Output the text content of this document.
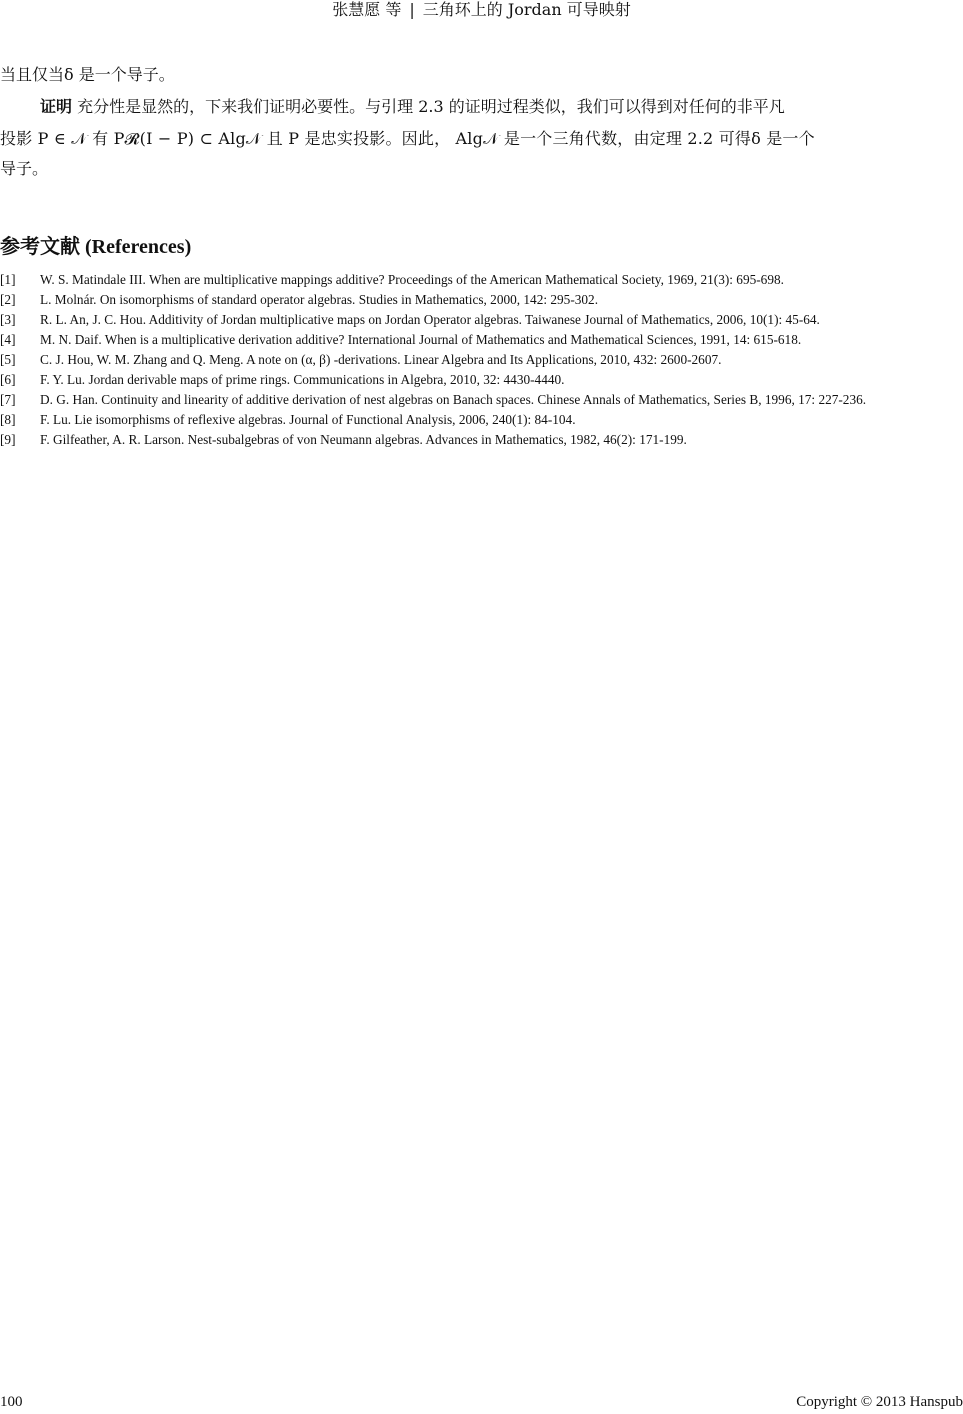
张慧愿 等 | 三角环上的 Jordan 可导映射
当且仅当δ 是一个导子。
证明 充分性是显然的，下来我们证明必要性。与引理 2.3 的证明过程类似，我们可以得到对任何的非平凡
投影 P ∈ 𝒩 有 P𝓡(I − P) ⊂ Alg𝒩 且 P 是忠实投影。因此， Alg𝒩 是一个三角代数，由定理 2.2 可得δ 是一个
导子。
参考文献 (References)
[1]	W. S. Matindale III. When are multiplicative mappings additive? Proceedings of the American Mathematical Society, 1969, 21(3): 695-698.
[2]	L. Molnár. On isomorphisms of standard operator algebras. Studies in Mathematics, 2000, 142: 295-302.
[3]	R. L. An, J. C. Hou. Additivity of Jordan multiplicative maps on Jordan Operator algebras. Taiwanese Journal of Mathematics, 2006, 10(1): 45-64.
[4]	M. N. Daif. When is a multiplicative derivation additive? International Journal of Mathematics and Mathematical Sciences, 1991, 14: 615-618.
[5]	C. J. Hou, W. M. Zhang and Q. Meng. A note on (α, β) -derivations. Linear Algebra and Its Applications, 2010, 432: 2600-2607.
[6]	F. Y. Lu. Jordan derivable maps of prime rings. Communications in Algebra, 2010, 32: 4430-4440.
[7]	D. G. Han. Continuity and linearity of additive derivation of nest algebras on Banach spaces. Chinese Annals of Mathematics, Series B, 1996, 17: 227-236.
[8]	F. Lu. Lie isomorphisms of reflexive algebras. Journal of Functional Analysis, 2006, 240(1): 84-104.
[9]	F. Gilfeather, A. R. Larson. Nest-subalgebras of von Neumann algebras. Advances in Mathematics, 1982, 46(2): 171-199.
100	Copyright © 2013 Hanspub
